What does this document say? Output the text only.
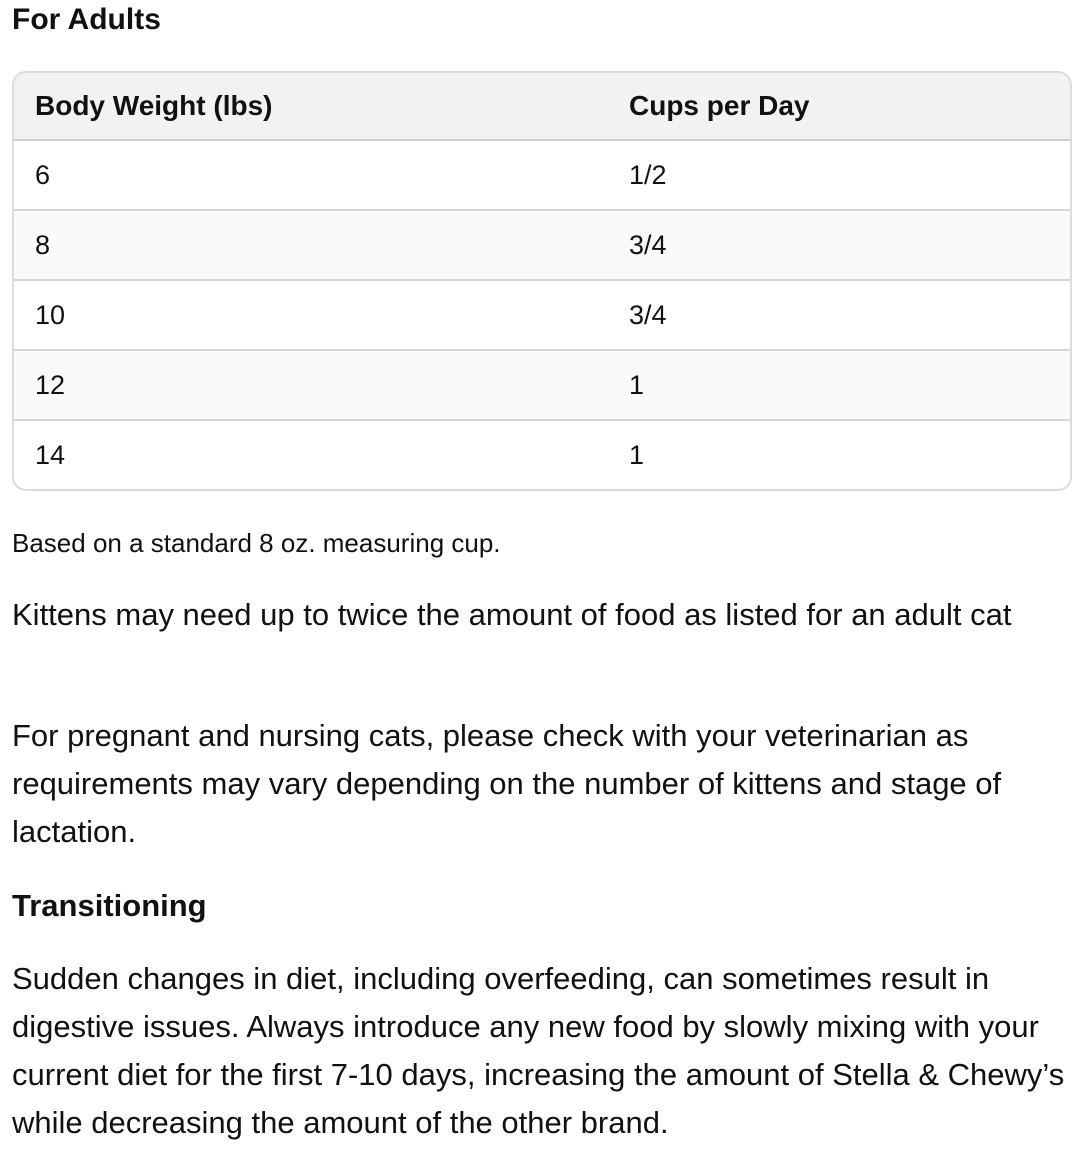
For Adults
Body Weight (lbs)	Cups per Day
6	1/2
8	3/4
10	3/4
12	1
14	1

Based on a standard 8 oz. measuring cup.

Kittens may need up to twice the amount of food as listed for an adult cat

For pregnant and nursing cats, please check with your veterinarian as requirements may vary depending on the number of kittens and stage of lactation.

Transitioning

Sudden changes in diet, including overfeeding, can sometimes result in digestive issues. Always introduce any new food by slowly mixing with your current diet for the first 7-10 days, increasing the amount of Stella & Chewy’s while decreasing the amount of the other brand.
